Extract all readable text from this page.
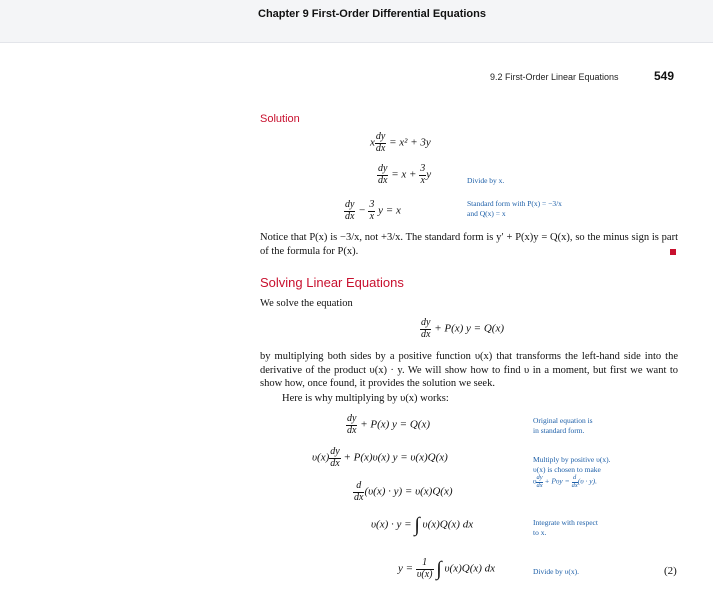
Chapter 9 First-Order Differential Equations
9.2 First-Order Linear Equations	549
Solution
x $\frac{dy}{dx} = x^2 + 3y$
$\frac{dy}{dx} = x + \frac{3}{x}$ y	Divide by x.
$\frac{dy}{dx} - \frac{3}{x}$ y = x
Standard form with P(x) = −3/x
and Q(x) = x
Notice that P(x) is −3/x, not +3/x. The standard form is y′ + P(x)y = Q(x), so the minus sign is part of the formula for P(x).
Solving Linear Equations
We solve the equation
$\frac{dy}{dx} + P(x) y = Q(x)$
by multiplying both sides by a positive function υ(x) that transforms the left-hand side into the derivative of the product υ(x) · y. We will show how to find υ in a moment, but first we want to show how, once found, it provides the solution we seek.
Here is why multiplying by υ(x) works:
$\frac{dy}{dx} + P(x) y = Q(x)$	Original equation is
in standard form.
$\upsilon(x) \frac{dy}{dx} + P(x)\upsilon(x) y = \upsilon(x)Q(x)$	Multiply by positive υ(x).
υ(x) is chosen to make
υ $\frac{dy}{dx} + P\upsilon y = \frac{d}{dx}(\upsilon \cdot y)$.
$\frac{d}{dx} (\upsilon(x) \cdot y) = \upsilon(x)Q(x)$
υ(x) · y = ∫ υ(x)Q(x) dx	Integrate with respect
to x.
$y = \frac{1}{\upsilon(x)}$ ∫ υ(x)Q(x) dx	Divide by υ(x).	(2)
